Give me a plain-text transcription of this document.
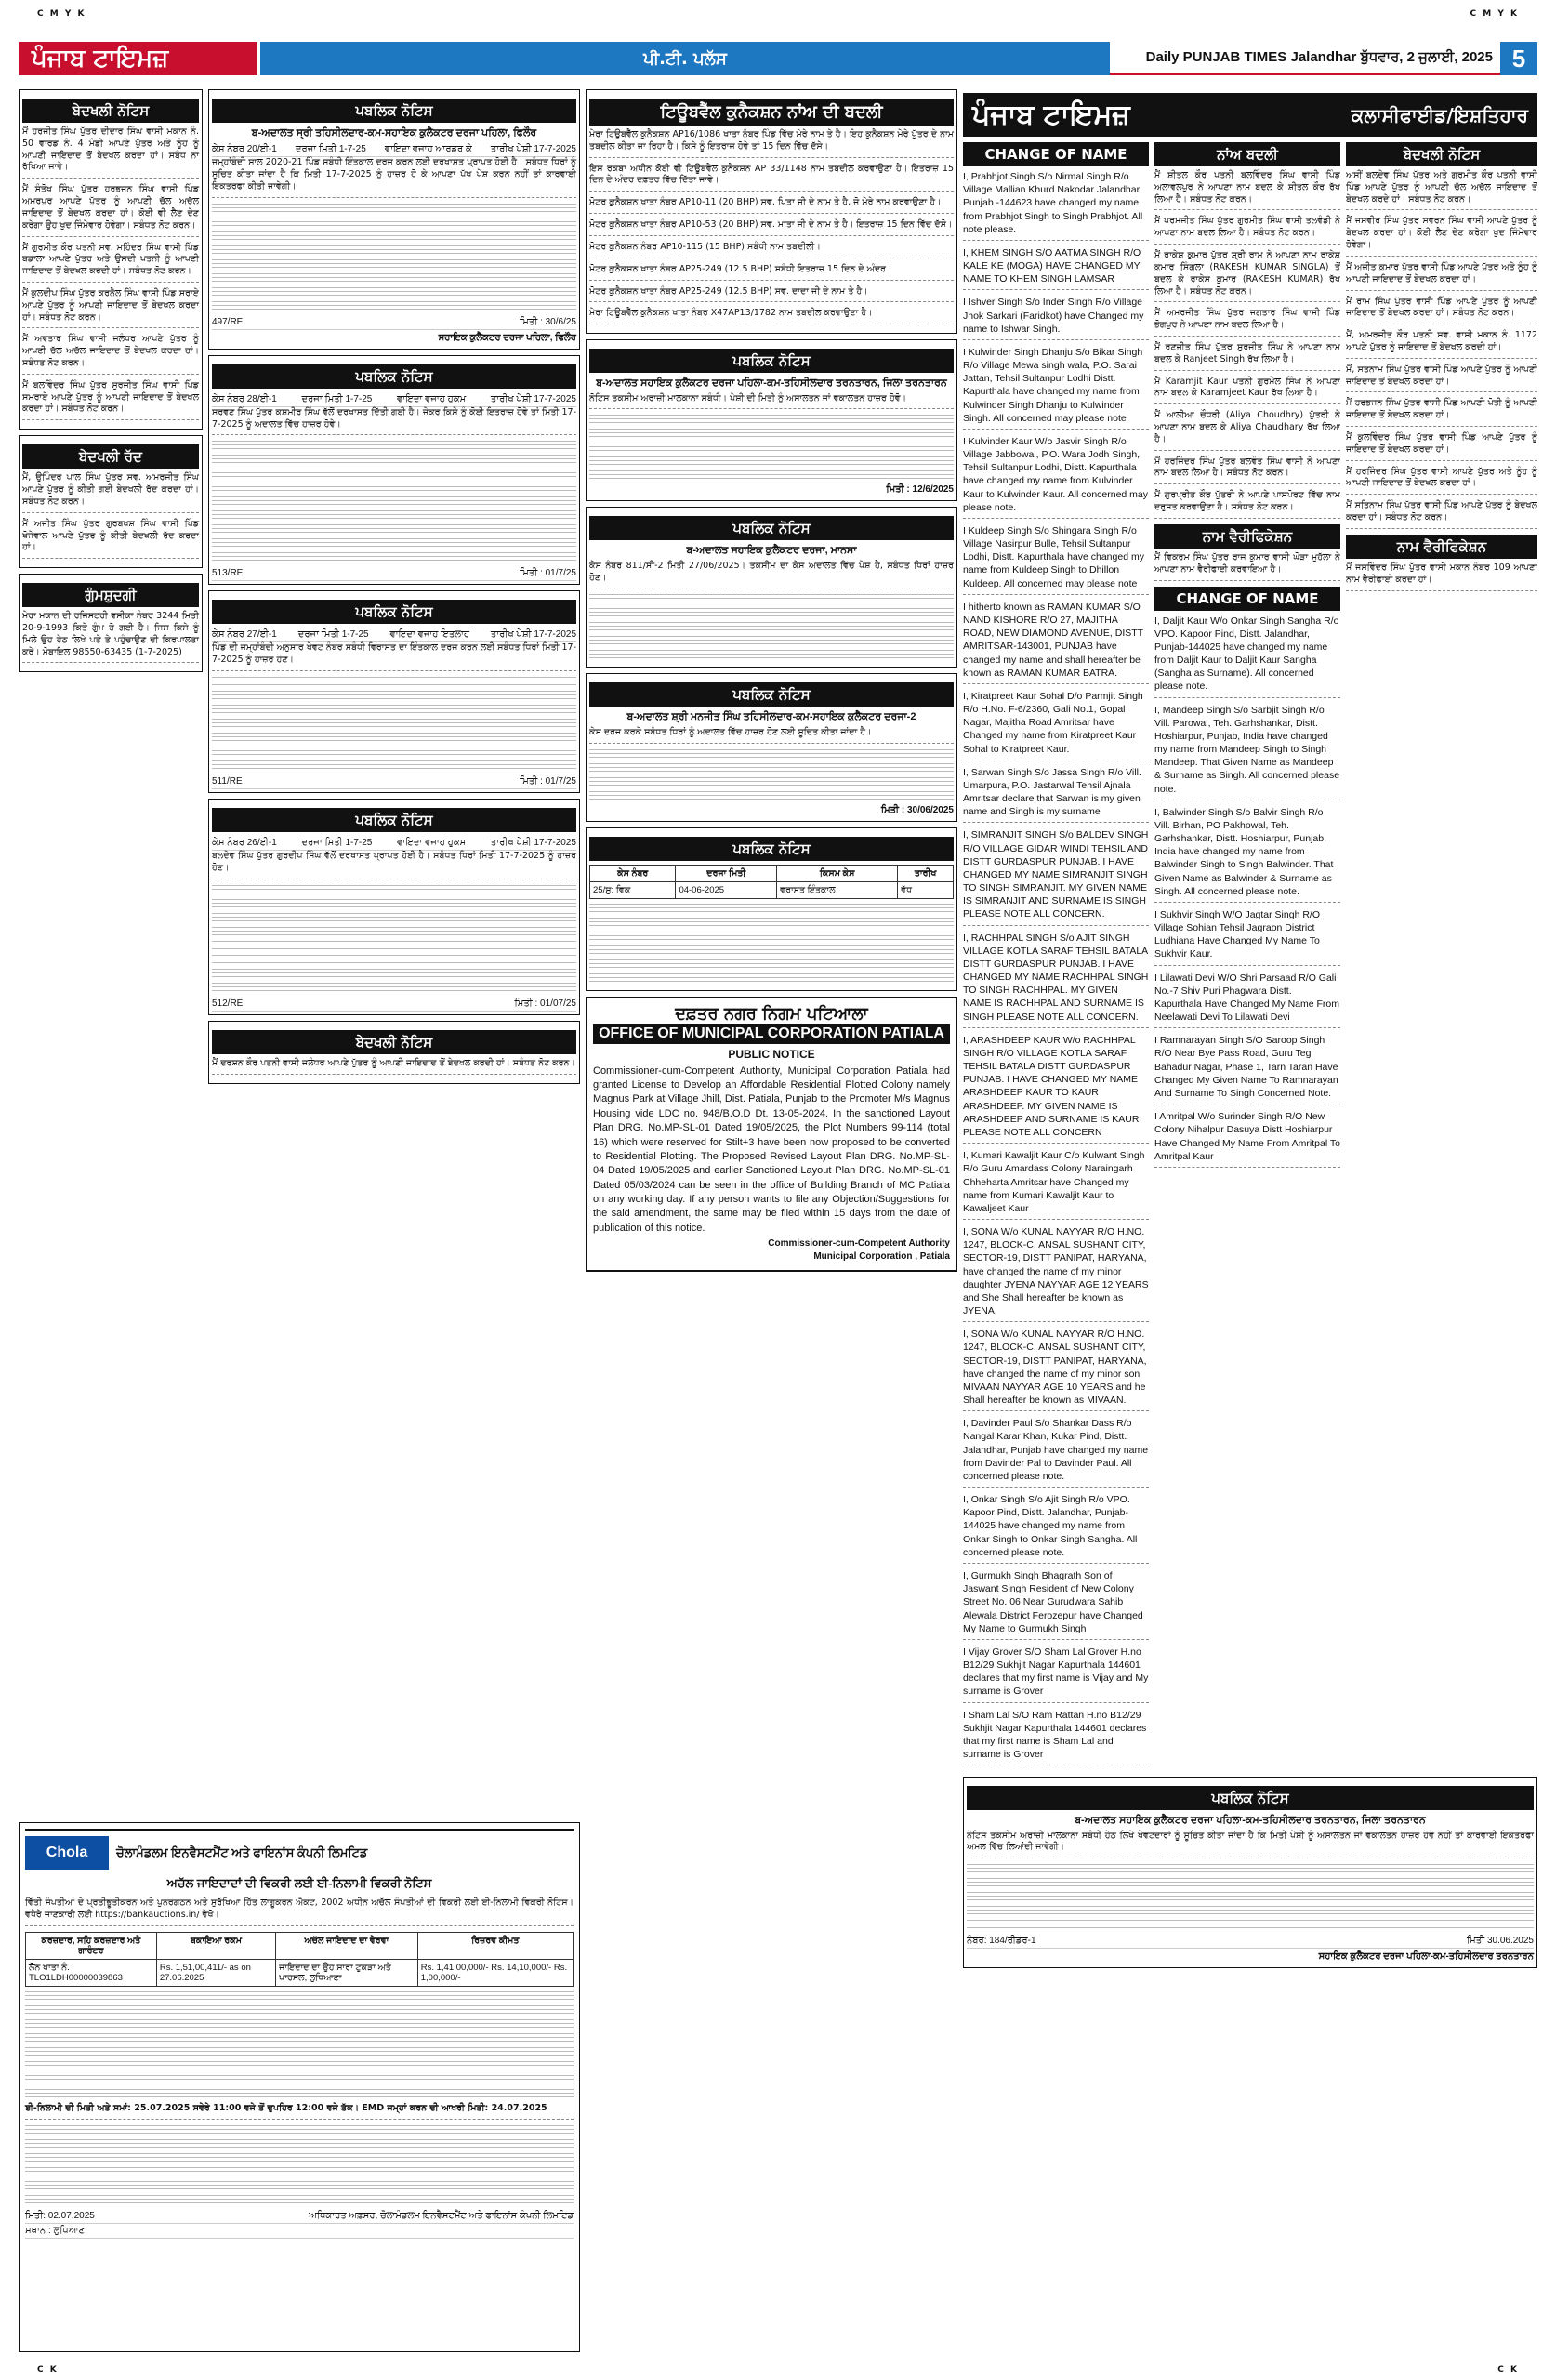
C M Y K	C M Y K
ਪੰਜਾਬ ਟਾਇਮਜ਼	ਪੀ.ਟੀ. ਪਲੱਸ	Daily PUNJAB TIMES Jalandhar ਬੁੱਧਵਾਰ, 2 ਜੁਲਾਈ, 2025 5
ਬੇਦਖਲੀ ਨੋਟਿਸ

ਮੈਂ ਹਰਜੀਤ ਸਿੰਘ ਪੁੱਤਰ ਦੀਦਾਰ ਸਿੰਘ ਵਾਸੀ ਮਕਾਨ ਨੰ. 50 ਵਾਰਡ ਨੰ. 4 ਮੰਡੀ ਆਪਣੇ ਪੁੱਤਰ ਅਤੇ ਨੂੰਹ ਨੂੰ ਆਪਣੀ ਜਾਇਦਾਦ ਤੋਂ ਬੇਦਖਲ ਕਰਦਾ ਹਾਂ। ਸਬੰਧ ਨਾ ਰੱਖਿਆ ਜਾਵੇ।

ਮੈਂ ਸੰਤੋਖ ਸਿੰਘ ਪੁੱਤਰ ਹਰਭਜਨ ਸਿੰਘ ਵਾਸੀ ਪਿੰਡ ਅਮਰਪੁਰ ਆਪਣੇ ਪੁੱਤਰ ਨੂੰ ਆਪਣੀ ਚੱਲ ਅਚੱਲ ਜਾਇਦਾਦ ਤੋਂ ਬੇਦਖਲ ਕਰਦਾ ਹਾਂ। ਕੋਈ ਵੀ ਲੈਣ ਦੇਣ ਕਰੇਗਾ ਉਹ ਖੁਦ ਜਿੰਮੇਵਾਰ ਹੋਵੇਗਾ। ਸਬੰਧਤ ਨੋਟ ਕਰਨ।

ਮੈਂ ਗੁਰਮੀਤ ਕੌਰ ਪਤਨੀ ਸਵ. ਮਹਿੰਦਰ ਸਿੰਘ ਵਾਸੀ ਪਿੰਡ ਬਡਾਲਾ ਆਪਣੇ ਪੁੱਤਰ ਅਤੇ ਉਸਦੀ ਪਤਨੀ ਨੂੰ ਆਪਣੀ ਜਾਇਦਾਦ ਤੋਂ ਬੇਦਖਲ ਕਰਦੀ ਹਾਂ। ਸਬੰਧਤ ਨੋਟ ਕਰਨ।

ਮੈਂ ਕੁਲਦੀਪ ਸਿੰਘ ਪੁੱਤਰ ਕਰਨੈਲ ਸਿੰਘ ਵਾਸੀ ਪਿੰਡ ਸਰਾਏ ਆਪਣੇ ਪੁੱਤਰ ਨੂੰ ਆਪਣੀ ਜਾਇਦਾਦ ਤੋਂ ਬੇਦਖਲ ਕਰਦਾ ਹਾਂ। ਸਬੰਧਤ ਨੋਟ ਕਰਨ।

ਮੈਂ ਅਵਤਾਰ ਸਿੰਘ ਵਾਸੀ ਜਲੰਧਰ ਆਪਣੇ ਪੁੱਤਰ ਨੂੰ ਆਪਣੀ ਚੱਲ ਅਚੱਲ ਜਾਇਦਾਦ ਤੋਂ ਬੇਦਖਲ ਕਰਦਾ ਹਾਂ। ਸਬੰਧਤ ਨੋਟ ਕਰਨ।

ਮੈਂ ਬਲਵਿੰਦਰ ਸਿੰਘ ਪੁੱਤਰ ਸੁਰਜੀਤ ਸਿੰਘ ਵਾਸੀ ਪਿੰਡ ਸਮਰਾਏ ਆਪਣੇ ਪੁੱਤਰ ਨੂੰ ਆਪਣੀ ਜਾਇਦਾਦ ਤੋਂ ਬੇਦਖਲ ਕਰਦਾ ਹਾਂ। ਸਬੰਧਤ ਨੋਟ ਕਰਨ।

ਬੇਦਖਲੀ ਰੱਦ

ਮੈਂ, ਉਪਿੰਦਰ ਪਾਲ ਸਿੰਘ ਪੁੱਤਰ ਸਵ. ਅਮਰਜੀਤ ਸਿੰਘ ਆਪਣੇ ਪੁੱਤਰ ਨੂੰ ਕੀਤੀ ਗਈ ਬੇਦਖਲੀ ਰੱਦ ਕਰਦਾ ਹਾਂ। ਸਬੰਧਤ ਨੋਟ ਕਰਨ।

ਮੈਂ ਅਜੀਤ ਸਿੰਘ ਪੁੱਤਰ ਗੁਰਬਖਸ਼ ਸਿੰਘ ਵਾਸੀ ਪਿੰਡ ਖੋਜੇਵਾਲ ਆਪਣੇ ਪੁੱਤਰ ਨੂੰ ਕੀਤੀ ਬੇਦਖਲੀ ਰੱਦ ਕਰਦਾ ਹਾਂ।

ਗੁੰਮਸ਼ੁਦਗੀ

ਮੇਰਾ ਮਕਾਨ ਦੀ ਰਜਿਸਟਰੀ ਵਸੀਕਾ ਨੰਬਰ 3244 ਮਿਤੀ 20-9-1993 ਕਿਤੇ ਗੁੰਮ ਹੋ ਗਈ ਹੈ। ਜਿਸ ਕਿਸੇ ਨੂੰ ਮਿਲੇ ਉਹ ਹੇਠ ਲਿਖੇ ਪਤੇ ਤੇ ਪਹੁੰਚਾਉਣ ਦੀ ਕਿਰਪਾਲਤਾ ਕਰੇ। ਮੋਬਾਇਲ 98550-63435 (1-7-2025)

ਪਬਲਿਕ ਨੋਟਿਸ
ਬ-ਅਦਾਲਤ ਸ੍ਰੀ ਤਹਿਸੀਲਦਾਰ-ਕਮ-ਸਹਾਇਕ ਕੁਲੈਕਟਰ ਦਰਜਾ ਪਹਿਲਾ, ਫਿਲੌਰ
ਕੇਸ ਨੰਬਰ 20/ਈ-1 ਦਰਜਾ ਮਿਤੀ 1-7-25 ਵਾਇਦਾ ਵਜਾਹ ਆਰਡਰ ਕੇ ਤਾਰੀਖ ਪੇਸ਼ੀ 17-7-2025

ਜਮ੍ਹਾਂਬੰਦੀ ਸਾਲ 2020-21 ਪਿੰਡ ਸਬੰਧੀ ਇੰਤਕਾਲ ਦਰਜ ਕਰਨ ਲਈ ਦਰਖਾਸਤ ਪ੍ਰਾਪਤ ਹੋਈ ਹੈ। ਸਬੰਧਤ ਧਿਰਾਂ ਨੂੰ ਸੂਚਿਤ ਕੀਤਾ ਜਾਂਦਾ ਹੈ ਕਿ ਮਿਤੀ 17-7-2025 ਨੂੰ ਹਾਜ਼ਰ ਹੋ ਕੇ ਆਪਣਾ ਪੱਖ ਪੇਸ਼ ਕਰਨ ਨਹੀਂ ਤਾਂ ਕਾਰਵਾਈ ਇਕਤਰਫਾ ਕੀਤੀ ਜਾਵੇਗੀ।

497/RE	ਮਿਤੀ : 30/6/25
ਸਹਾਇਕ ਕੁਲੈਕਟਰ ਦਰਜਾ ਪਹਿਲਾ, ਫਿਲੌਰ
ਪਬਲਿਕ ਨੋਟਿਸ
ਕੇਸ ਨੰਬਰ 28/ਈ-1	ਦਰਜਾ ਮਿਤੀ 1-7-25	ਵਾਇਦਾ ਵਜਾਹ ਹੁਕਮ	ਤਾਰੀਖ ਪੇਸ਼ੀ 17-7-2025

ਸਰਵਣ ਸਿੰਘ ਪੁੱਤਰ ਕਸ਼ਮੀਰ ਸਿੰਘ ਵੱਲੋਂ ਦਰਖਾਸਤ ਦਿੱਤੀ ਗਈ ਹੈ। ਜੇਕਰ ਕਿਸੇ ਨੂੰ ਕੋਈ ਇਤਰਾਜ਼ ਹੋਵੇ ਤਾਂ ਮਿਤੀ 17-7-2025 ਨੂੰ ਅਦਾਲਤ ਵਿੱਚ ਹਾਜ਼ਰ ਹੋਵੇ।

513/RE	ਮਿਤੀ : 01/7/25
ਪਬਲਿਕ ਨੋਟਿਸ
ਕੇਸ ਨੰਬਰ 27/ਈ-1 ਦਰਜਾ ਮਿਤੀ 1-7-25 ਵਾਇਦਾ ਵਜਾਹ ਇਤਲਾਹ ਤਾਰੀਖ ਪੇਸ਼ੀ 17-7-2025

ਪਿੰਡ ਦੀ ਜਮ੍ਹਾਂਬੰਦੀ ਅਨੁਸਾਰ ਖੇਵਟ ਨੰਬਰ ਸਬੰਧੀ ਵਿਰਾਸਤ ਦਾ ਇੰਤਕਾਲ ਦਰਜ ਕਰਨ ਲਈ ਸਬੰਧਤ ਧਿਰਾਂ ਮਿਤੀ 17-7-2025 ਨੂੰ ਹਾਜ਼ਰ ਹੋਣ।

511/RE	ਮਿਤੀ : 01/7/25
ਪਬਲਿਕ ਨੋਟਿਸ
ਕੇਸ ਨੰਬਰ 26/ਈ-1	ਦਰਜਾ ਮਿਤੀ 1-7-25	ਵਾਇਦਾ ਵਜਾਹ ਹੁਕਮ	ਤਾਰੀਖ ਪੇਸ਼ੀ 17-7-2025

ਬਲਦੇਵ ਸਿੰਘ ਪੁੱਤਰ ਗੁਰਦੀਪ ਸਿੰਘ ਵੱਲੋਂ ਦਰਖਾਸਤ ਪ੍ਰਾਪਤ ਹੋਈ ਹੈ। ਸਬੰਧਤ ਧਿਰਾਂ ਮਿਤੀ 17-7-2025 ਨੂੰ ਹਾਜ਼ਰ ਹੋਣ।

512/RE	ਮਿਤੀ : 01/07/25
ਬੇਦਖਲੀ ਨੋਟਿਸ

ਮੈਂ ਦਰਸ਼ਨ ਕੌਰ ਪਤਨੀ ਵਾਸੀ ਜਲੰਧਰ ਆਪਣੇ ਪੁੱਤਰ ਨੂੰ ਆਪਣੀ ਜਾਇਦਾਦ ਤੋਂ ਬੇਦਖਲ ਕਰਦੀ ਹਾਂ। ਸਬੰਧਤ ਨੋਟ ਕਰਨ।

ਟਿਊਬਵੈੱਲ ਕੁਨੈਕਸ਼ਨ ਨਾਂਅ ਦੀ ਬਦਲੀ

ਮੇਰਾ ਟਿਊਬਵੈੱਲ ਕੁਨੈਕਸ਼ਨ AP16/1086 ਖਾਤਾ ਨੰਬਰ ਪਿੰਡ ਵਿੱਚ ਮੇਰੇ ਨਾਮ ਤੇ ਹੈ। ਇਹ ਕੁਨੈਕਸ਼ਨ ਮੇਰੇ ਪੁੱਤਰ ਦੇ ਨਾਮ ਤਬਦੀਲ ਕੀਤਾ ਜਾ ਰਿਹਾ ਹੈ। ਕਿਸੇ ਨੂੰ ਇਤਰਾਜ਼ ਹੋਵੇ ਤਾਂ 15 ਦਿਨ ਵਿੱਚ ਦੱਸੇ।

ਇਸ ਰਕਬਾ ਅਧੀਨ ਕੋਈ ਵੀ ਟਿਊਬਵੈੱਲ ਕੁਨੈਕਸ਼ਨ AP 33/1148 ਨਾਮ ਤਬਦੀਲ ਕਰਵਾਉਣਾ ਹੈ। ਇਤਰਾਜ਼ 15 ਦਿਨ ਦੇ ਅੰਦਰ ਦਫ਼ਤਰ ਵਿੱਚ ਦਿੱਤਾ ਜਾਵੇ।

ਮੋਟਰ ਕੁਨੈਕਸ਼ਨ ਖਾਤਾ ਨੰਬਰ AP10-11 (20 BHP) ਸਵ. ਪਿਤਾ ਜੀ ਦੇ ਨਾਮ ਤੇ ਹੈ, ਜੋ ਮੇਰੇ ਨਾਮ ਕਰਵਾਉਣਾ ਹੈ।

ਮੋਟਰ ਕੁਨੈਕਸ਼ਨ ਖਾਤਾ ਨੰਬਰ AP10-53 (20 BHP) ਸਵ. ਮਾਤਾ ਜੀ ਦੇ ਨਾਮ ਤੇ ਹੈ। ਇਤਰਾਜ਼ 15 ਦਿਨ ਵਿੱਚ ਦੱਸੋ।

ਮੋਟਰ ਕੁਨੈਕਸ਼ਨ ਨੰਬਰ AP10-115 (15 BHP) ਸਬੰਧੀ ਨਾਮ ਤਬਦੀਲੀ।

ਮੋਟਰ ਕੁਨੈਕਸ਼ਨ ਖਾਤਾ ਨੰਬਰ AP25-249 (12.5 BHP) ਸਬੰਧੀ ਇਤਰਾਜ਼ 15 ਦਿਨ ਦੇ ਅੰਦਰ।

ਮੋਟਰ ਕੁਨੈਕਸ਼ਨ ਖਾਤਾ ਨੰਬਰ AP25-249 (12.5 BHP) ਸਵ. ਦਾਦਾ ਜੀ ਦੇ ਨਾਮ ਤੇ ਹੈ।

ਮੇਰਾ ਟਿਊਬਵੈੱਲ ਕੁਨੈਕਸ਼ਨ ਖਾਤਾ ਨੰਬਰ X47AP13/1782 ਨਾਮ ਤਬਦੀਲ ਕਰਵਾਉਣਾ ਹੈ।

ਪਬਲਿਕ ਨੋਟਿਸ
ਬ-ਅਦਾਲਤ ਸਹਾਇਕ ਕੁਲੈਕਟਰ ਦਰਜਾ ਪਹਿਲਾ-ਕਮ-ਤਹਿਸੀਲਦਾਰ ਤਰਨਤਾਰਨ, ਜਿਲਾ ਤਰਨਤਾਰਨ

ਨੋਟਿਸ ਤਕਸੀਮ ਅਰਾਜ਼ੀ ਮਾਲਕਾਨਾ ਸਬੰਧੀ। ਪੇਸ਼ੀ ਦੀ ਮਿਤੀ ਨੂੰ ਅਸਾਲਤਨ ਜਾਂ ਵਕਾਲਤਨ ਹਾਜ਼ਰ ਹੋਵੋ।

ਮਿਤੀ : 12/6/2025
ਪਬਲਿਕ ਨੋਟਿਸ
ਬ-ਅਦਾਲਤ ਸਹਾਇਕ ਕੁਲੈਕਟਰ ਦਰਜਾ, ਮਾਨਸਾ

ਕੇਸ ਨੰਬਰ 811/ਸੀ-2 ਮਿਤੀ 27/06/2025। ਤਕਸੀਮ ਦਾ ਕੇਸ ਅਦਾਲਤ ਵਿੱਚ ਪੇਸ਼ ਹੈ, ਸਬੰਧਤ ਧਿਰਾਂ ਹਾਜ਼ਰ ਹੋਣ।

ਪਬਲਿਕ ਨੋਟਿਸ
ਬ-ਅਦਾਲਤ ਸ਼੍ਰੀ ਮਨਜੀਤ ਸਿੰਘ ਤਹਿਸੀਲਦਾਰ-ਕਮ-ਸਹਾਇਕ ਕੁਲੈਕਟਰ ਦਰਜਾ-2

ਕੇਸ ਦਰਜ ਕਰਕੇ ਸਬੰਧਤ ਧਿਰਾਂ ਨੂੰ ਅਦਾਲਤ ਵਿੱਚ ਹਾਜ਼ਰ ਹੋਣ ਲਈ ਸੂਚਿਤ ਕੀਤਾ ਜਾਂਦਾ ਹੈ।

ਮਿਤੀ : 30/06/2025
ਪਬਲਿਕ ਨੋਟਿਸ
ਕੇਸ ਨੰਬਰ	ਦਰਜਾ ਮਿਤੀ	ਕਿਸਮ ਕੇਸ	ਤਾਰੀਖ
25/ਸੁ: ਵਿਕ	04-06-2025	ਵਰਾਸਤ ਇੰਤਕਾਲ	ਵੱਧ
ਦਫ਼ਤਰ ਨਗਰ ਨਿਗਮ ਪਟਿਆਲਾ
OFFICE OF MUNICIPAL CORPORATION PATIALA
PUBLIC NOTICE

Commissioner-cum-Competent Authority, Municipal Corporation Patiala had granted License to Develop an Affordable Residential Plotted Colony namely Magnus Park at Village Jhill, Dist. Patiala, Punjab to the Promoter M/s Magnus Housing vide LDC no. 948/B.O.D Dt. 13-05-2024. In the sanctioned Layout Plan DRG. No.MP-SL-01 Dated 19/05/2025, the Plot Numbers 99-114 (total 16) which were reserved for Stilt+3 have been now proposed to be converted to Residential Plotting. The Proposed Revised Layout Plan DRG. No.MP-SL-04 Dated 19/05/2025 and earlier Sanctioned Layout Plan DRG. No.MP-SL-01 Dated 05/03/2024 can be seen in the office of Building Branch of MC Patiala on any working day. If any person wants to file any Objection/Suggestions for the said amendment, the same may be filed within 15 days from the date of publication of this notice.

Commissioner-cum-Competent Authority
Municipal Corporation , Patiala
ਪੰਜਾਬ ਟਾਇਮਜ਼	ਕਲਾਸੀਫਾਈਡ/ਇਸ਼ਤਿਹਾਰ
CHANGE OF NAME

I, Prabhjot Singh S/o Nirmal Singh R/o Village Mallian Khurd Nakodar Jalandhar Punjab -144623 have changed my name from Prabhjot Singh to Singh Prabhjot. All note please.

I, KHEM SINGH S/O AATMA SINGH R/O KALE KE (MOGA) HAVE CHANGED MY NAME TO KHEM SINGH LAMSAR

I Ishver Singh S/o Inder Singh R/o Village Jhok Sarkari (Faridkot) have Changed my name to Ishwar Singh.

I Kulwinder Singh Dhanju S/o Bikar Singh R/o Village Mewa singh wala, P.O. Sarai Jattan, Tehsil Sultanpur Lodhi Distt. Kapurthala have changed my name from Kulwinder Singh Dhanju to Kulwinder Singh. All concerned may please note

I Kulvinder Kaur W/o Jasvir Singh R/o Village Jabbowal, P.O. Wara Jodh Singh, Tehsil Sultanpur Lodhi, Distt. Kapurthala have changed my name from Kulvinder Kaur to Kulwinder Kaur. All concerned may please note.

I Kuldeep Singh S/o Shingara Singh R/o Village Nasirpur Bulle, Tehsil Sultanpur Lodhi, Distt. Kapurthala have changed my name from Kuldeep Singh to Dhillon Kuldeep. All concerned may please note

I hitherto known as RAMAN KUMAR S/O NAND KISHORE R/O 27, MAJITHA ROAD, NEW DIAMOND AVENUE, DISTT AMRITSAR-143001, PUNJAB have changed my name and shall hereafter be known as RAMAN KUMAR BATRA.

I, Kiratpreet Kaur Sohal D/o Parmjit Singh R/o H.No. F-6/2360, Gali No.1, Gopal Nagar, Majitha Road Amritsar have Changed my name from Kiratpreet Kaur Sohal to Kiratpreet Kaur.

I, Sarwan Singh S/o Jassa Singh R/o Vill. Umarpura, P.O. Jastarwal Tehsil Ajnala Amritsar declare that Sarwan is my given name and Singh is my surname

I, SIMRANJIT SINGH S/o BALDEV SINGH R/O VILLAGE GIDAR WINDI TEHSIL AND DISTT GURDASPUR PUNJAB. I HAVE CHANGED MY NAME SIMRANJIT SINGH TO SINGH SIMRANJIT. MY GIVEN NAME IS SIMRANJIT AND SURNAME IS SINGH PLEASE NOTE ALL CONCERN.

I, RACHHPAL SINGH S/o AJIT SINGH VILLAGE KOTLA SARAF TEHSIL BATALA DISTT GURDASPUR PUNJAB. I HAVE CHANGED MY NAME RACHHPAL SINGH TO SINGH RACHHPAL. MY GIVEN NAME IS RACHHPAL AND SURNAME IS SINGH PLEASE NOTE ALL CONCERN.

I, ARASHDEEP KAUR W/o RACHHPAL SINGH R/O VILLAGE KOTLA SARAF TEHSIL BATALA DISTT GURDASPUR PUNJAB. I HAVE CHANGED MY NAME ARASHDEEP KAUR TO KAUR ARASHDEEP. MY GIVEN NAME IS ARASHDEEP AND SURNAME IS KAUR PLEASE NOTE ALL CONCERN

I, Kumari Kawaljit Kaur C/o Kulwant Singh R/o Guru Amardass Colony Naraingarh Chheharta Amritsar have Changed my name from Kumari Kawaljit Kaur to Kawaljeet Kaur

I, SONA W/o KUNAL NAYYAR R/O H.NO. 1247, BLOCK-C, ANSAL SUSHANT CITY, SECTOR-19, DISTT PANIPAT, HARYANA, have changed the name of my minor daughter JYENA NAYYAR AGE 12 YEARS and She Shall hereafter be known as JYENA.

I, SONA W/o KUNAL NAYYAR R/O H.NO. 1247, BLOCK-C, ANSAL SUSHANT CITY, SECTOR-19, DISTT PANIPAT, HARYANA, have changed the name of my minor son MIVAAN NAYYAR AGE 10 YEARS and he Shall hereafter be known as MIVAAN.

I, Davinder Paul S/o Shankar Dass R/o Nangal Karar Khan, Kukar Pind, Distt. Jalandhar, Punjab have changed my name from Davinder Pal to Davinder Paul. All concerned please note.

I, Onkar Singh S/o Ajit Singh R/o VPO. Kapoor Pind, Distt. Jalandhar, Punjab-144025 have changed my name from Onkar Singh to Onkar Singh Sangha. All concerned please note.

I, Gurmukh Singh Bhagrath Son of Jaswant Singh Resident of New Colony Street No. 06 Near Gurudwara Sahib Alewala District Ferozepur have Changed My Name to Gurmukh Singh

I Vijay Grover S/O Sham Lal Grover H.no B12/29 Sukhjit Nagar Kapurthala 144601 declares that my first name is Vijay and My surname is Grover

I Sham Lal S/O Ram Rattan H.no B12/29 Sukhjit Nagar Kapurthala 144601 declares that my first name is Sham Lal and surname is Grover

ਨਾਂਅ ਬਦਲੀ

ਮੈਂ ਸ਼ੀਤਲ ਕੌਰ ਪਤਨੀ ਬਲਵਿੰਦਰ ਸਿੰਘ ਵਾਸੀ ਪਿੰਡ ਅਲਾਵਲਪੁਰ ਨੇ ਆਪਣਾ ਨਾਮ ਬਦਲ ਕੇ ਸ਼ੀਤਲ ਕੌਰ ਰੱਖ ਲਿਆ ਹੈ। ਸਬੰਧਤ ਨੋਟ ਕਰਨ।

ਮੈਂ ਪਰਮਜੀਤ ਸਿੰਘ ਪੁੱਤਰ ਗੁਰਮੀਤ ਸਿੰਘ ਵਾਸੀ ਤਲਵੰਡੀ ਨੇ ਆਪਣਾ ਨਾਮ ਬਦਲ ਲਿਆ ਹੈ। ਸਬੰਧਤ ਨੋਟ ਕਰਨ।

ਮੈਂ ਰਾਕੇਸ਼ ਕੁਮਾਰ ਪੁੱਤਰ ਸ਼੍ਰੀ ਰਾਮ ਨੇ ਆਪਣਾ ਨਾਮ ਰਾਕੇਸ਼ ਕੁਮਾਰ ਸਿੰਗਲਾ (RAKESH KUMAR SINGLA) ਤੋਂ ਬਦਲ ਕੇ ਰਾਕੇਸ਼ ਕੁਮਾਰ (RAKESH KUMAR) ਰੱਖ ਲਿਆ ਹੈ। ਸਬੰਧਤ ਨੋਟ ਕਰਨ।

ਮੈਂ ਅਮਰਜੀਤ ਸਿੰਘ ਪੁੱਤਰ ਜਗਤਾਰ ਸਿੰਘ ਵਾਸੀ ਪਿੰਡ ਭੋਗਪੁਰ ਨੇ ਆਪਣਾ ਨਾਮ ਬਦਲ ਲਿਆ ਹੈ।

ਮੈਂ ਰਣਜੀਤ ਸਿੰਘ ਪੁੱਤਰ ਸੁਰਜੀਤ ਸਿੰਘ ਨੇ ਆਪਣਾ ਨਾਮ ਬਦਲ ਕੇ Ranjeet Singh ਰੱਖ ਲਿਆ ਹੈ।

ਮੈਂ Karamjit Kaur ਪਤਨੀ ਗੁਰਮੇਲ ਸਿੰਘ ਨੇ ਆਪਣਾ ਨਾਮ ਬਦਲ ਕੇ Karamjeet Kaur ਰੱਖ ਲਿਆ ਹੈ।

ਮੈਂ ਆਲੀਆ ਚੌਧਰੀ (Aliya Choudhry) ਪੁੱਤਰੀ ਨੇ ਆਪਣਾ ਨਾਮ ਬਦਲ ਕੇ Aliya Chaudhary ਰੱਖ ਲਿਆ ਹੈ।

ਮੈਂ ਹਰਜਿੰਦਰ ਸਿੰਘ ਪੁੱਤਰ ਬਲਵੰਤ ਸਿੰਘ ਵਾਸੀ ਨੇ ਆਪਣਾ ਨਾਮ ਬਦਲ ਲਿਆ ਹੈ। ਸਬੰਧਤ ਨੋਟ ਕਰਨ।

ਮੈਂ ਗੁਰਪ੍ਰੀਤ ਕੌਰ ਪੁੱਤਰੀ ਨੇ ਆਪਣੇ ਪਾਸਪੋਰਟ ਵਿੱਚ ਨਾਮ ਦਰੁਸਤ ਕਰਵਾਉਣਾ ਹੈ। ਸਬੰਧਤ ਨੋਟ ਕਰਨ।

ਨਾਮ ਵੈਰੀਫਿਕੇਸ਼ਨ

ਮੈਂ ਵਿਕਰਮ ਸਿੰਘ ਪੁੱਤਰ ਰਾਜ ਕੁਮਾਰ ਵਾਸੀ ਘੋੜਾ ਮੁਹੱਲਾ ਨੇ ਆਪਣਾ ਨਾਮ ਵੈਰੀਫਾਈ ਕਰਵਾਇਆ ਹੈ।

CHANGE OF NAME

I, Daljit Kaur W/o Onkar Singh Sangha R/o VPO. Kapoor Pind, Distt. Jalandhar, Punjab-144025 have changed my name from Daljit Kaur to Daljit Kaur Sangha (Sangha as Surname). All concerned please note.

I, Mandeep Singh S/o Sarbjit Singh R/o Vill. Parowal, Teh. Garhshankar, Distt. Hoshiarpur, Punjab, India have changed my name from Mandeep Singh to Singh Mandeep. That Given Name as Mandeep & Surname as Singh. All concerned please note.

I, Balwinder Singh S/o Balvir Singh R/o Vill. Birhan, PO Pakhowal, Teh. Garhshankar, Distt. Hoshiarpur, Punjab, India have changed my name from Balwinder Singh to Singh Balwinder. That Given Name as Balwinder & Surname as Singh. All concerned please note.

I Sukhvir Singh W/O Jagtar Singh R/O Village Sohian Tehsil Jagraon District Ludhiana Have Changed My Name To Sukhvir Kaur.

I Lilawati Devi W/O Shri Parsaad R/O Gali No.-7 Shiv Puri Phagwara Distt. Kapurthala Have Changed My Name From Neelawati Devi To Lilawati Devi

I Ramnarayan Singh S/O Saroop Singh R/O Near Bye Pass Road, Guru Teg Bahadur Nagar, Phase 1, Tarn Taran Have Changed My Given Name To Ramnarayan And Surname To Singh Concerned Note.

I Amritpal W/o Surinder Singh R/O New Colony Nihalpur Dasuya Distt Hoshiarpur Have Changed My Name From Amritpal To Amritpal Kaur

ਬੇਦਖਲੀ ਨੋਟਿਸ

ਅਸੀਂ ਬਲਦੇਵ ਸਿੰਘ ਪੁੱਤਰ ਅਤੇ ਗੁਰਮੀਤ ਕੌਰ ਪਤਨੀ ਵਾਸੀ ਪਿੰਡ ਆਪਣੇ ਪੁੱਤਰ ਨੂੰ ਆਪਣੀ ਚੱਲ ਅਚੱਲ ਜਾਇਦਾਦ ਤੋਂ ਬੇਦਖਲ ਕਰਦੇ ਹਾਂ। ਸਬੰਧਤ ਨੋਟ ਕਰਨ।

ਮੈਂ ਜਸਵੀਰ ਸਿੰਘ ਪੁੱਤਰ ਸਵਰਨ ਸਿੰਘ ਵਾਸੀ ਆਪਣੇ ਪੁੱਤਰ ਨੂੰ ਬੇਦਖਲ ਕਰਦਾ ਹਾਂ। ਕੋਈ ਲੈਣ ਦੇਣ ਕਰੇਗਾ ਖੁਦ ਜਿੰਮੇਵਾਰ ਹੋਵੇਗਾ।

ਮੈਂ ਅਜੀਤ ਕੁਮਾਰ ਪੁੱਤਰ ਵਾਸੀ ਪਿੰਡ ਆਪਣੇ ਪੁੱਤਰ ਅਤੇ ਨੂੰਹ ਨੂੰ ਆਪਣੀ ਜਾਇਦਾਦ ਤੋਂ ਬੇਦਖਲ ਕਰਦਾ ਹਾਂ।

ਮੈਂ ਰਾਮ ਸਿੰਘ ਪੁੱਤਰ ਵਾਸੀ ਪਿੰਡ ਆਪਣੇ ਪੁੱਤਰ ਨੂੰ ਆਪਣੀ ਜਾਇਦਾਦ ਤੋਂ ਬੇਦਖਲ ਕਰਦਾ ਹਾਂ। ਸਬੰਧਤ ਨੋਟ ਕਰਨ।

ਮੈਂ, ਅਮਰਜੀਤ ਕੌਰ ਪਤਨੀ ਸਵ. ਵਾਸੀ ਮਕਾਨ ਨੰ. 1172 ਆਪਣੇ ਪੁੱਤਰ ਨੂੰ ਜਾਇਦਾਦ ਤੋਂ ਬੇਦਖਲ ਕਰਦੀ ਹਾਂ।

ਮੈਂ, ਸਤਨਾਮ ਸਿੰਘ ਪੁੱਤਰ ਵਾਸੀ ਪਿੰਡ ਆਪਣੇ ਪੁੱਤਰ ਨੂੰ ਆਪਣੀ ਜਾਇਦਾਦ ਤੋਂ ਬੇਦਖਲ ਕਰਦਾ ਹਾਂ।

ਮੈਂ ਹਰਭਜਨ ਸਿੰਘ ਪੁੱਤਰ ਵਾਸੀ ਪਿੰਡ ਆਪਣੀ ਪੋਤੀ ਨੂੰ ਆਪਣੀ ਜਾਇਦਾਦ ਤੋਂ ਬੇਦਖਲ ਕਰਦਾ ਹਾਂ।

ਮੈਂ ਕੁਲਵਿੰਦਰ ਸਿੰਘ ਪੁੱਤਰ ਵਾਸੀ ਪਿੰਡ ਆਪਣੇ ਪੁੱਤਰ ਨੂੰ ਜਾਇਦਾਦ ਤੋਂ ਬੇਦਖਲ ਕਰਦਾ ਹਾਂ।

ਮੈਂ ਹਰਜਿੰਦਰ ਸਿੰਘ ਪੁੱਤਰ ਵਾਸੀ ਆਪਣੇ ਪੁੱਤਰ ਅਤੇ ਨੂੰਹ ਨੂੰ ਆਪਣੀ ਜਾਇਦਾਦ ਤੋਂ ਬੇਦਖਲ ਕਰਦਾ ਹਾਂ।

ਮੈਂ ਸਤਿਨਾਮ ਸਿੰਘ ਪੁੱਤਰ ਵਾਸੀ ਪਿੰਡ ਆਪਣੇ ਪੁੱਤਰ ਨੂੰ ਬੇਦਖਲ ਕਰਦਾ ਹਾਂ। ਸਬੰਧਤ ਨੋਟ ਕਰਨ।

ਨਾਮ ਵੈਰੀਫਿਕੇਸ਼ਨ

ਮੈਂ ਜਸਵਿੰਦਰ ਸਿੰਘ ਪੁੱਤਰ ਵਾਸੀ ਮਕਾਨ ਨੰਬਰ 109 ਆਪਣਾ ਨਾਮ ਵੈਰੀਫਾਈ ਕਰਦਾ ਹਾਂ।

ਪਬਲਿਕ ਨੋਟਿਸ
ਬ-ਅਦਾਲਤ ਸਹਾਇਕ ਕੁਲੈਕਟਰ ਦਰਜਾ ਪਹਿਲਾ-ਕਮ-ਤਹਿਸੀਲਦਾਰ ਤਰਨਤਾਰਨ, ਜਿਲਾ ਤਰਨਤਾਰਨ

ਨੋਟਿਸ ਤਕਸੀਮ ਅਰਾਜ਼ੀ ਮਾਲਕਾਨਾ ਸਬੰਧੀ ਹੇਠ ਲਿਖੇ ਖੇਵਟਦਾਰਾਂ ਨੂੰ ਸੂਚਿਤ ਕੀਤਾ ਜਾਂਦਾ ਹੈ ਕਿ ਮਿਤੀ ਪੇਸ਼ੀ ਨੂੰ ਅਸਾਲਤਨ ਜਾਂ ਵਕਾਲਤਨ ਹਾਜ਼ਰ ਹੋਵੋ ਨਹੀਂ ਤਾਂ ਕਾਰਵਾਈ ਇਕਤਰਫਾ ਅਮਲ ਵਿੱਚ ਲਿਆਂਦੀ ਜਾਵੇਗੀ।

ਨੰਬਰ: 184/ਰੀਡਰ-1	ਮਿਤੀ 30.06.2025
ਸਹਾਇਕ ਕੁਲੈਕਟਰ ਦਰਜਾ ਪਹਿਲਾ-ਕਮ-ਤਹਿਸੀਲਦਾਰ ਤਰਨਤਾਰਨ
Chola	ਚੋਲਾਮੰਡਲਮ ਇਨਵੈਸਟਮੈਂਟ ਅਤੇ ਫਾਇਨਾਂਸ ਕੰਪਨੀ ਲਿਮਟਿਡ
ਅਚੱਲ ਜਾਇਦਾਦਾਂ ਦੀ ਵਿਕਰੀ ਲਈ ਈ-ਨਿਲਾਮੀ ਵਿਕਰੀ ਨੋਟਿਸ

ਵਿੱਤੀ ਸੰਪਤੀਆਂ ਦੇ ਪ੍ਰਤੀਭੂਤੀਕਰਨ ਅਤੇ ਪੁਨਰਗਠਨ ਅਤੇ ਸੁਰੱਖਿਆ ਹਿੱਤ ਲਾਗੂਕਰਨ ਐਕਟ, 2002 ਅਧੀਨ ਅਚੱਲ ਸੰਪਤੀਆਂ ਦੀ ਵਿਕਰੀ ਲਈ ਈ-ਨਿਲਾਮੀ ਵਿਕਰੀ ਨੋਟਿਸ। ਵਧੇਰੇ ਜਾਣਕਾਰੀ ਲਈ https://bankauctions.in/ ਵੇਖੋ।

ਕਰਜ਼ਦਾਰ, ਸਹਿ ਕਰਜ਼ਦਾਰ ਅਤੇ ਗਾਰੰਟਰ	ਬਕਾਇਆ ਰਕਮ	ਅਚੱਲ ਜਾਇਦਾਦ ਦਾ ਵੇਰਵਾ	ਰਿਜ਼ਰਵ ਕੀਮਤ
ਲੋਨ ਖਾਤਾ ਨੰ. TLO1LDH00000039863	Rs. 1,51,00,411/- as on 27.06.2025	ਜਾਇਦਾਦ ਦਾ ਉਹ ਸਾਰਾ ਟੁਕੜਾ ਅਤੇ ਪਾਰਸਲ, ਲੁਧਿਆਣਾ	Rs. 1,41,00,000/- Rs. 14,10,000/- Rs. 1,00,000/-

ਈ-ਨਿਲਾਮੀ ਦੀ ਮਿਤੀ ਅਤੇ ਸਮਾਂ: 25.07.2025 ਸਵੇਰੇ 11:00 ਵਜੇ ਤੋਂ ਦੁਪਹਿਰ 12:00 ਵਜੇ ਤੱਕ। EMD ਜਮ੍ਹਾਂ ਕਰਨ ਦੀ ਆਖਰੀ ਮਿਤੀ: 24.07.2025

ਮਿਤੀ: 02.07.2025	ਅਧਿਕਾਰਤ ਅਫ਼ਸਰ, ਚੋਲਾਮੰਡਲਮ ਇਨਵੈਸਟਮੈਂਟ ਅਤੇ ਫਾਇਨਾਂਸ ਕੰਪਨੀ ਲਿਮਟਿਡ
ਸਥਾਨ : ਲੁਧਿਆਣਾ
C K	C K
